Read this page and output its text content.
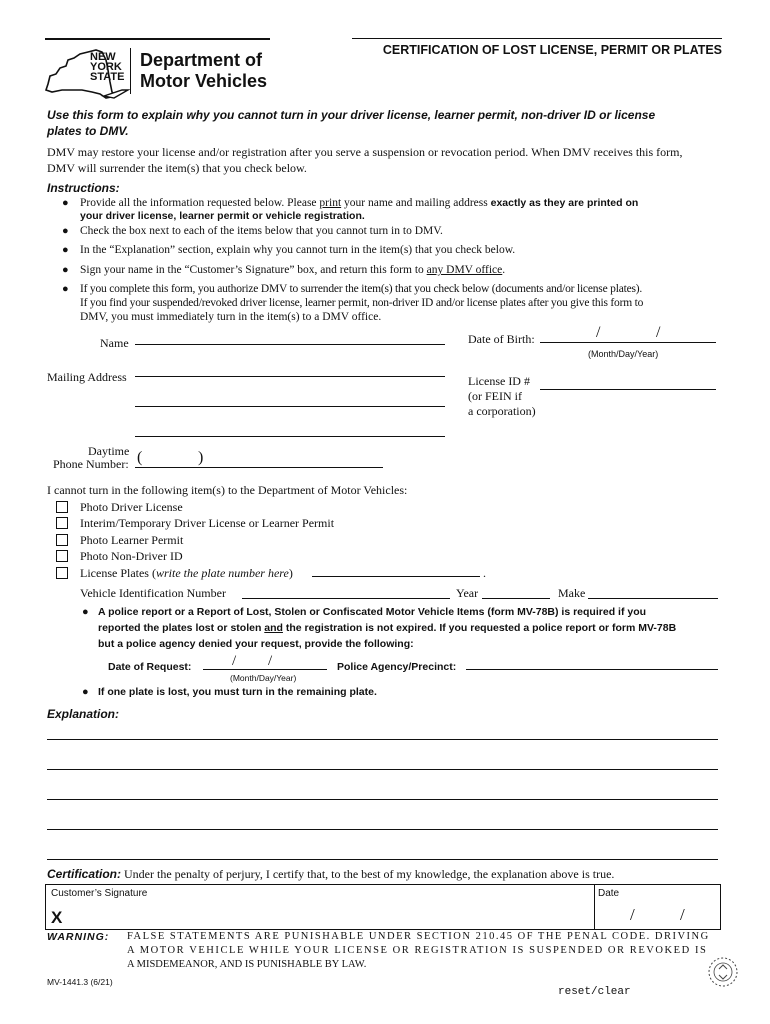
NEW
YORK
STATE
Department of
Motor Vehicles
CERTIFICATION OF LOST LICENSE, PERMIT OR PLATES
Use this form to explain why you cannot turn in your driver license, learner permit, non-driver ID or license
plates to DMV.
DMV may restore your license and/or registration after you serve a suspension or revocation period. When DMV receives this form,
DMV will surrender the item(s) that you check below.
Instructions:
● Provide all the information requested below. Please print your name and mailing address exactly as they are printed on
your driver license, learner permit or vehicle registration.
● Check the box next to each of the items below that you cannot turn in to DMV.
● In the “Explanation” section, explain why you cannot turn in the item(s) that you check below.
● Sign your name in the “Customer’s Signature” box, and return this form to any DMV office.
● If you complete this form, you authorize DMV to surrender the item(s) that you check below (documents and/or license plates).
If you find your suspended/revoked driver license, learner permit, non-driver ID and/or license plates after you give this form to
DMV, you must immediately turn in the item(s) to a DMV office.
Name	Date of Birth:	/	/
(Month/Day/Year)
Mailing Address	License ID #
(or FEIN if
a corporation)
Daytime
Phone Number: (	)
I cannot turn in the following item(s) to the Department of Motor Vehicles:
Photo Driver License
Interim/Temporary Driver License or Learner Permit
Photo Learner Permit
Photo Non-Driver ID
License Plates (write the plate number here)	.
Vehicle Identification Number	Year	Make
● A police report or a Report of Lost, Stolen or Confiscated Motor Vehicle Items (form MV-78B) is required if you
reported the plates lost or stolen and the registration is not expired. If you requested a police report or form MV-78B
but a police agency denied your request, provide the following:
Date of Request:	/ /
(Month/Day/Year)
Police Agency/Precinct:
● If one plate is lost, you must turn in the remaining plate.
Explanation:
Certification: Under the penalty of perjury, I certify that, to the best of my knowledge, the explanation above is true.
Customer’s Signature
X
Date
/	/
WARNING: FALSE STATEMENTS ARE PUNISHABLE UNDER SECTION 210.45 OF THE PENAL CODE. DRIVING
A MOTOR VEHICLE WHILE YOUR LICENSE OR REGISTRATION IS SUSPENDED OR REVOKED IS
A MISDEMEANOR, AND IS PUNISHABLE BY LAW.
MV-1441.3 (6/21)
reset/clear
